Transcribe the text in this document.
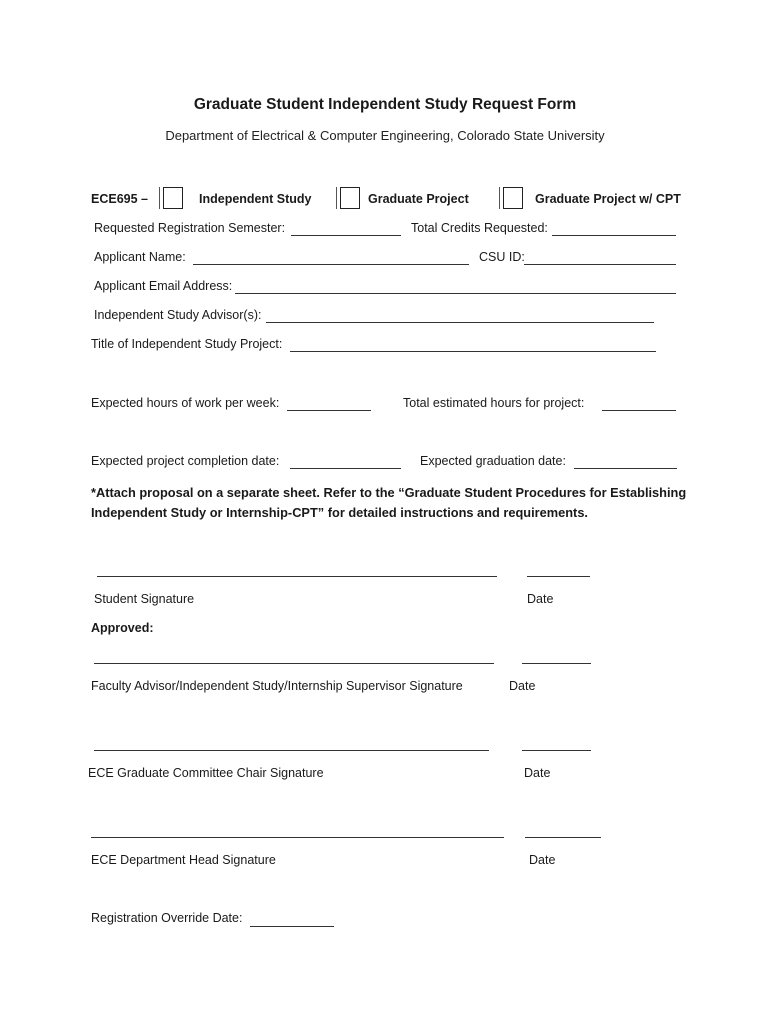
Graduate Student Independent Study Request Form
Department of Electrical & Computer Engineering, Colorado State University
ECE695 –	Independent Study	Graduate Project	Graduate Project w/ CPT
Requested Registration Semester:	Total Credits Requested:
Applicant Name:	CSU ID:
Applicant Email Address:
Independent Study Advisor(s):
Title of Independent Study Project:
Expected hours of work per week:	Total estimated hours for project:
Expected project completion date:	Expected graduation date:
*Attach proposal on a separate sheet. Refer to the “Graduate Student Procedures for Establishing Independent Study or Internship-CPT” for detailed instructions and requirements.
Student Signature	Date
Approved:
Faculty Advisor/Independent Study/Internship Supervisor Signature	Date
ECE Graduate Committee Chair Signature	Date
ECE Department Head Signature	Date
Registration Override Date:
